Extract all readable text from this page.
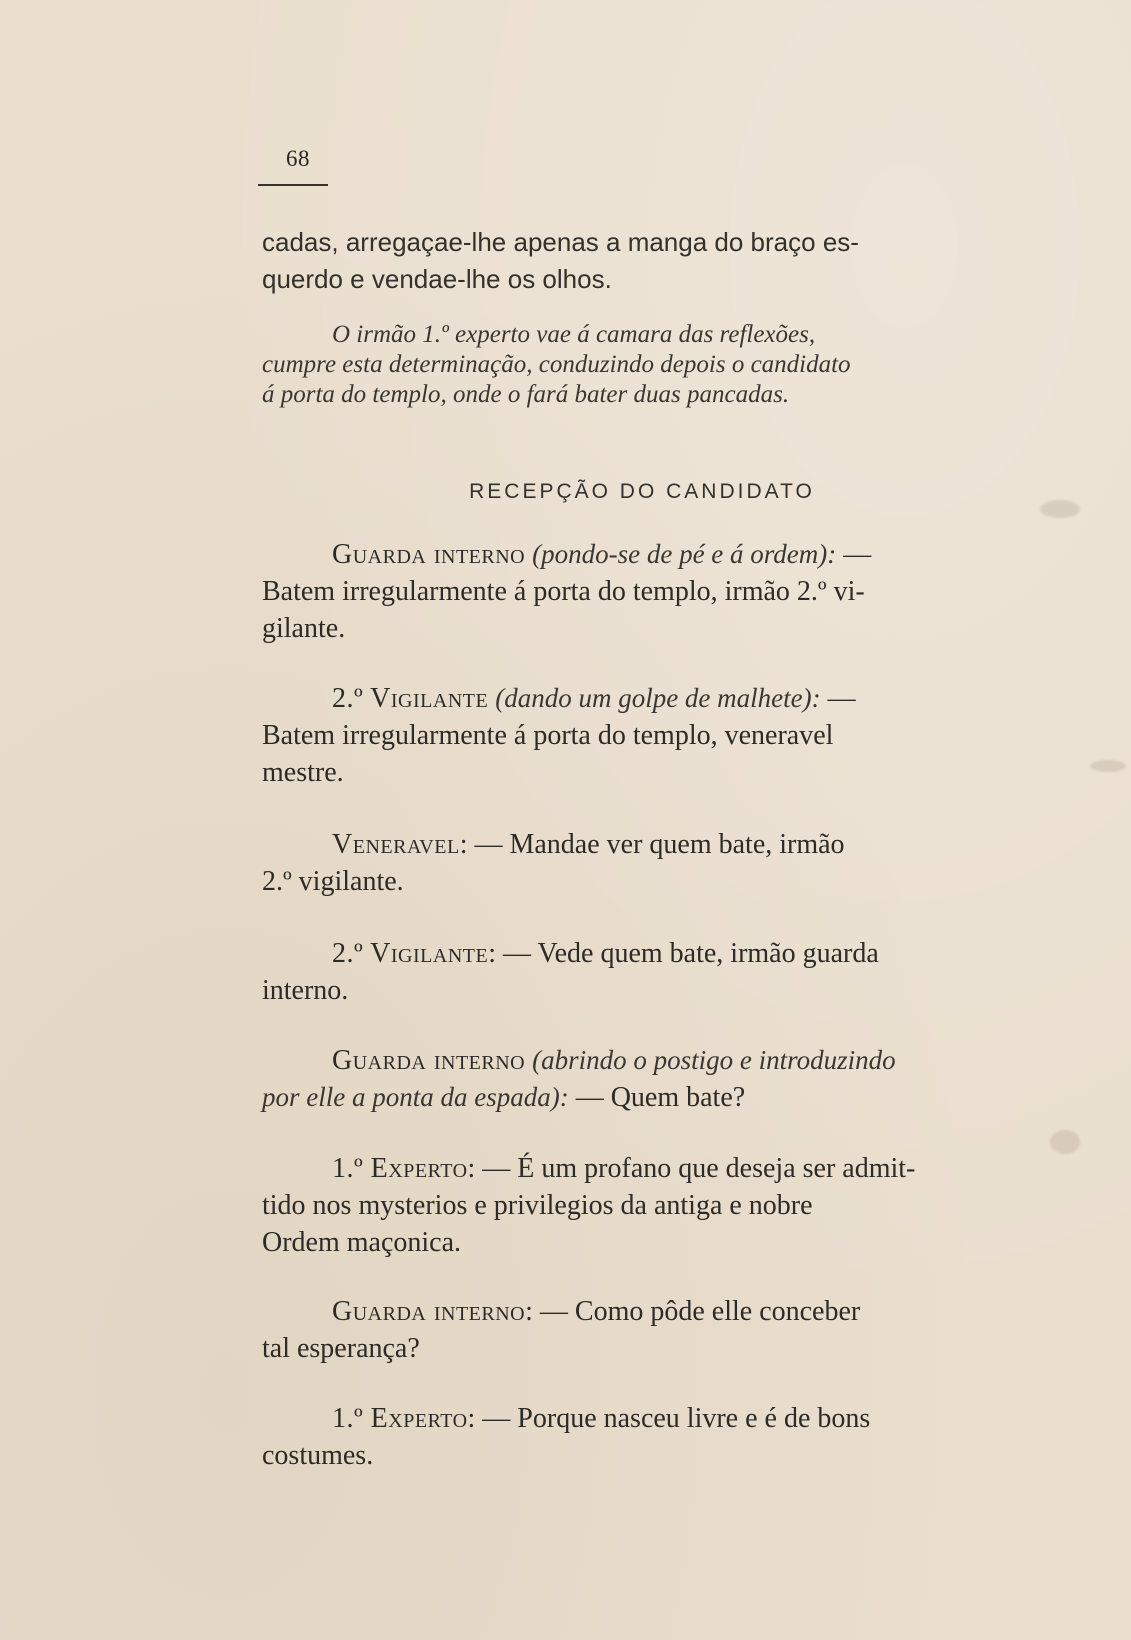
68
cadas, arregaçae-lhe apenas a manga do braço es-
querdo e vendae-lhe os olhos.
O irmão 1.º experto vae á camara das reflexões,
cumpre esta determinação, conduzindo depois o candidato
á porta do templo, onde o fará bater duas pancadas.
RECEPÇÃO DO CANDIDATO
Guarda interno (pondo-se de pé e á ordem): —
Batem irregularmente á porta do templo, irmão 2.º vi-
gilante.
2.º Vigilante (dando um golpe de malhete): —
Batem irregularmente á porta do templo, veneravel
mestre.
Veneravel: — Mandae ver quem bate, irmão
2.º vigilante.
2.º Vigilante: — Vede quem bate, irmão guarda
interno.
Guarda interno (abrindo o postigo e introduzindo
por elle a ponta da espada): — Quem bate?
1.º Experto: — É um profano que deseja ser admit-
tido nos mysterios e privilegios da antiga e nobre
Ordem maçonica.
Guarda interno: — Como pôde elle conceber
tal esperança?
1.º Experto: — Porque nasceu livre e é de bons
costumes.
